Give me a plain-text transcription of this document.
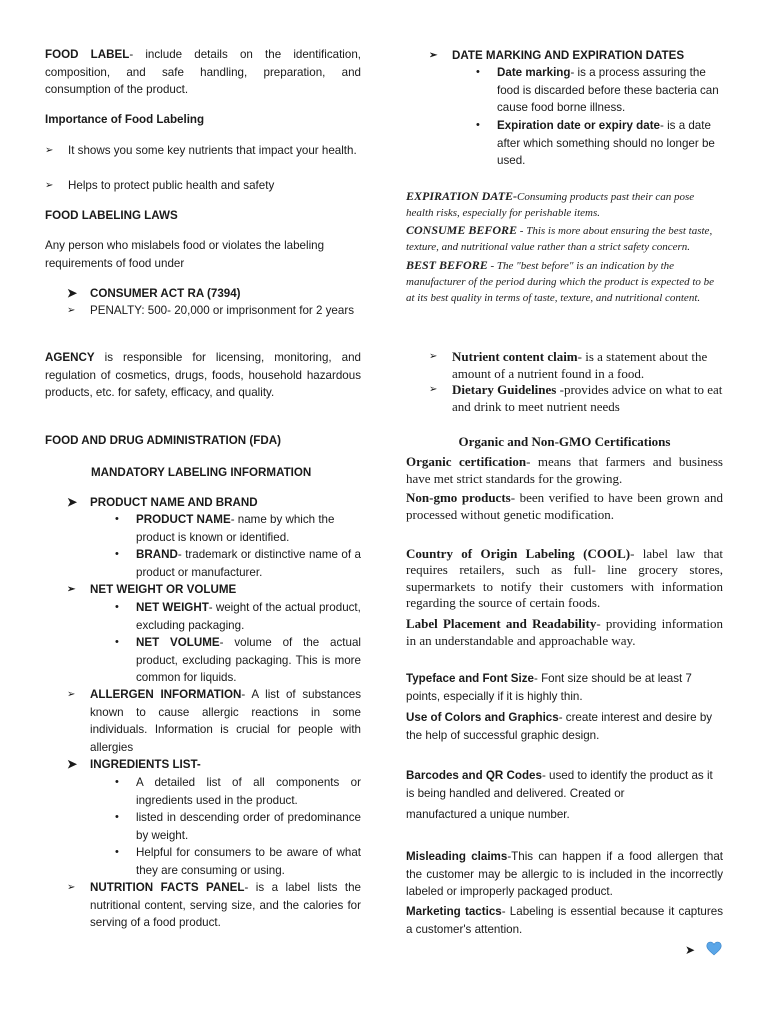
FOOD LABEL- include details on the identification, composition, and safe handling, preparation, and consumption of the product.

Importance of Food Labeling

➢ It shows you some key nutrients that impact your health.
➢ Helps to protect public health and safety

FOOD LABELING LAWS

Any person who mislabels food or violates the labeling requirements of food under

➤ CONSUMER ACT RA (7394)
➢ PENALTY: 500- 20,000 or imprisonment for 2 years

AGENCY is responsible for licensing, monitoring, and regulation of cosmetics, drugs, foods, household hazardous products, etc. for safety, efficacy, and quality.

FOOD AND DRUG ADMINISTRATION (FDA)

MANDATORY LABELING INFORMATION

➤ PRODUCT NAME AND BRAND
• PRODUCT NAME- name by which the product is known or identified.
• BRAND- trademark or distinctive name of a product or manufacturer.
➢ NET WEIGHT OR VOLUME
• NET WEIGHT- weight of the actual product, excluding packaging.
• NET VOLUME- volume of the actual product, excluding packaging. This is more common for liquids.
➢ ALLERGEN INFORMATION- A list of substances known to cause allergic reactions in some individuals. Information is crucial for people with allergies
➤ INGREDIENTS LIST-
• A detailed list of all components or ingredients used in the product.
• listed in descending order of predominance by weight.
• Helpful for consumers to be aware of what they are consuming or using.
➢ NUTRITION FACTS PANEL- is a label lists the nutritional content, serving size, and the calories for serving of a food product.
➢ DATE MARKING AND EXPIRATION DATES
• Date marking- is a process assuring the food is discarded before these bacteria can cause food borne illness.
• Expiration date or expiry date- is a date after which something should no longer be used.
EXPIRATION DATE-Consuming products past their can pose health risks, especially for perishable items.
CONSUME BEFORE - This is more about ensuring the best taste, texture, and nutritional value rather than a strict safety concern.
BEST BEFORE - The "best before" is an indication by the manufacturer of the period during which the product is expected to be at its best quality in terms of taste, texture, and nutritional content.
➢ Nutrient content claim- is a statement about the amount of a nutrient found in a food.
➢ Dietary Guidelines -provides advice on what to eat and drink to meet nutrient needs

Organic and Non-GMO Certifications

Organic certification- means that farmers and business have met strict standards for the growing.

Non-gmo products- been verified to have been grown and processed without genetic modification.

Country of Origin Labeling (COOL)- label law that requires retailers, such as full- line grocery stores, supermarkets to notify their customers with information regarding the source of certain foods.

Label Placement and Readability- providing information in an understandable and approachable way.

Typeface and Font Size- Font size should be at least 7 points, especially if it is highly thin.

Use of Colors and Graphics- create interest and desire by the help of successful graphic design.

Barcodes and QR Codes- used to identify the product as it is being handled and delivered. Created or

manufactured a unique number.

Misleading claims-This can happen if a food allergen that the customer may be allergic to is included in the incorrectly labeled or improperly packaged product.

Marketing tactics- Labeling is essential because it captures a customer's attention.

➤
